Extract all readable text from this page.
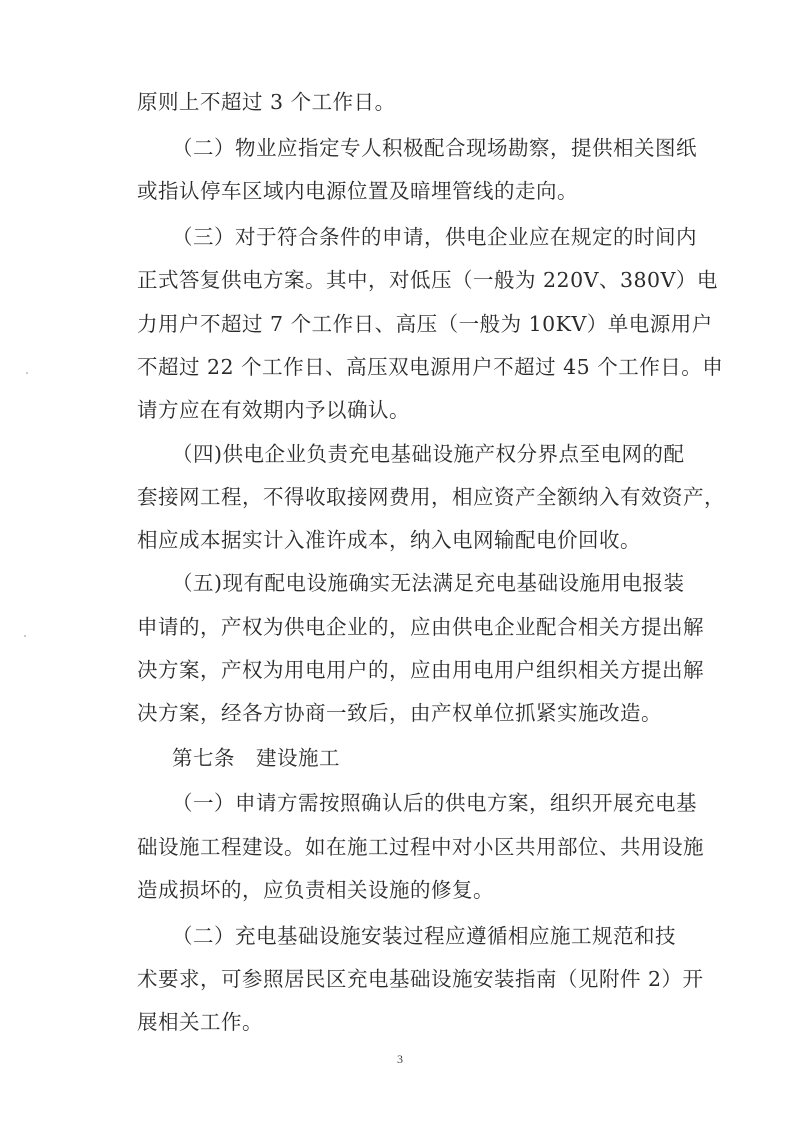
原则上不超过 3 个工作日。
（二）物业应指定专人积极配合现场勘察，提供相关图纸
或指认停车区域内电源位置及暗埋管线的走向。
（三）对于符合条件的申请，供电企业应在规定的时间内
正式答复供电方案。其中，对低压（一般为 220V、380V）电
力用户不超过 7 个工作日、高压（一般为 10KV）单电源用户
不超过 22 个工作日、高压双电源用户不超过 45 个工作日。申
请方应在有效期内予以确认。
（四)供电企业负责充电基础设施产权分界点至电网的配
套接网工程，不得收取接网费用，相应资产全额纳入有效资产，
相应成本据实计入准许成本，纳入电网输配电价回收。
（五)现有配电设施确实无法满足充电基础设施用电报装
申请的，产权为供电企业的，应由供电企业配合相关方提出解
决方案，产权为用电用户的，应由用电用户组织相关方提出解
决方案，经各方协商一致后，由产权单位抓紧实施改造。
第七条　建设施工
（一）申请方需按照确认后的供电方案，组织开展充电基
础设施工程建设。如在施工过程中对小区共用部位、共用设施
造成损坏的，应负责相关设施的修复。
（二）充电基础设施安装过程应遵循相应施工规范和技
术要求，可参照居民区充电基础设施安装指南（见附件 2）开
展相关工作。
3
